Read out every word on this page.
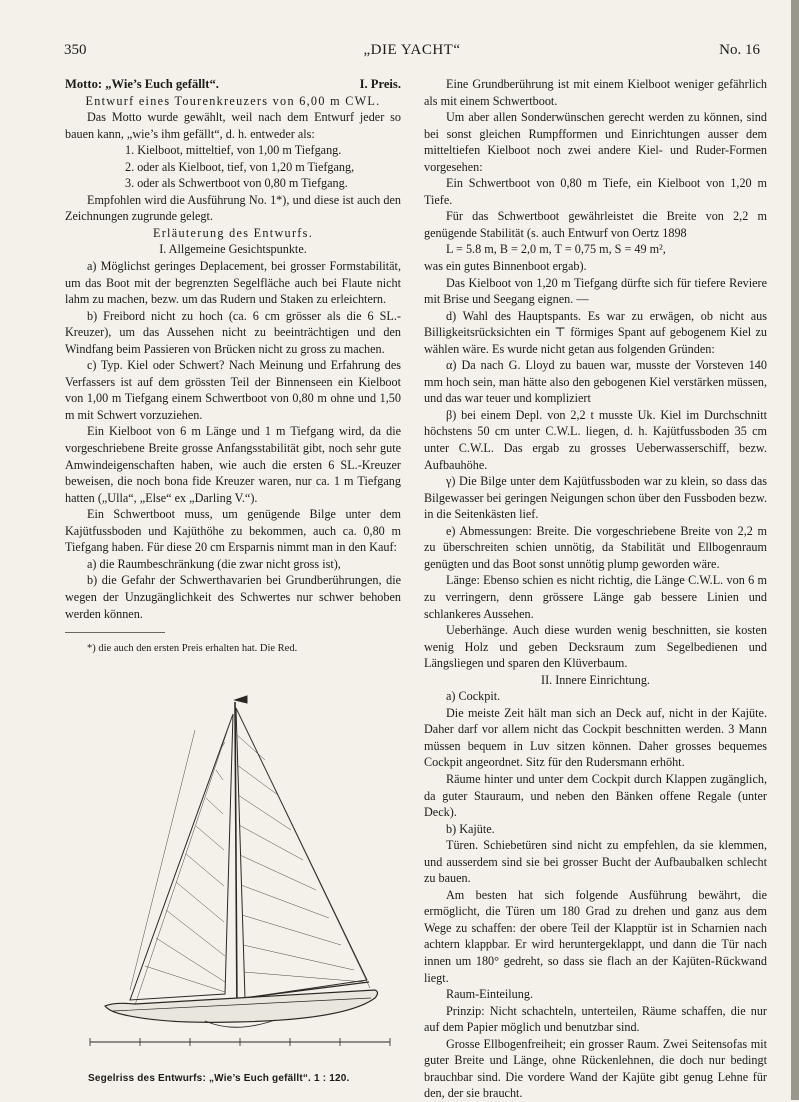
350	„DIE YACHT“	No. 16

Motto: „Wie’s Euch gefällt“.	I. Preis.

Entwurf eines Tourenkreuzers von 6,00 m CWL.

Das Motto wurde gewählt, weil nach dem Entwurf jeder so bauen kann, „wie’s ihm gefällt“, d. h. entweder als:

1. Kielboot, mitteltief, von 1,00 m Tiefgang.

2. oder als Kielboot, tief, von 1,20 m Tiefgang,

3. oder als Schwertboot von 0,80 m Tiefgang.

Empfohlen wird die Ausführung No. 1*), und diese ist auch den Zeichnungen zugrunde gelegt.

Erläuterung des Entwurfs.

I. Allgemeine Gesichtspunkte.

a) Möglichst geringes Deplacement, bei grosser Formstabilität, um das Boot mit der begrenzten Segelfläche auch bei Flaute nicht lahm zu machen, bezw. um das Rudern und Staken zu erleichtern.

b) Freibord nicht zu hoch (ca. 6 cm grösser als die 6 SL.-Kreuzer), um das Aussehen nicht zu beeinträchtigen und den Windfang beim Passieren von Brücken nicht zu gross zu machen.

c) Typ. Kiel oder Schwert? Nach Meinung und Erfahrung des Verfassers ist auf dem grössten Teil der Binnenseen ein Kielboot von 1,00 m Tiefgang einem Schwertboot von 0,80 m ohne und 1,50 m mit Schwert vorzuziehen.

Ein Kielboot von 6 m Länge und 1 m Tiefgang wird, da die vorgeschriebene Breite grosse Anfangsstabilität gibt, noch sehr gute Amwindeigenschaften haben, wie auch die ersten 6 SL.-Kreuzer beweisen, die noch bona fide Kreuzer waren, nur ca. 1 m Tiefgang hatten („Ulla“, „Else“ ex „Darling V.“).

Ein Schwertboot muss, um genügende Bilge unter dem Kajütfussboden und Kajüthöhe zu bekommen, auch ca. 0,80 m Tiefgang haben. Für diese 20 cm Ersparnis nimmt man in den Kauf:

a) die Raumbeschränkung (die zwar nicht gross ist),

b) die Gefahr der Schwerthavarien bei Grundberührungen, die wegen der Unzugänglichkeit des Schwertes nur schwer behoben werden können.

*) die auch den ersten Preis erhalten hat. Die Red.

Segelriss des Entwurfs: „Wie’s Euch gefällt“. 1 : 120.

Eine Grundberührung ist mit einem Kielboot weniger gefährlich als mit einem Schwertboot.

Um aber allen Sonderwünschen gerecht werden zu können, sind bei sonst gleichen Rumpfformen und Einrichtungen ausser dem mitteltiefen Kielboot noch zwei andere Kiel- und Ruder-Formen vorgesehen:

Ein Schwertboot von 0,80 m Tiefe, ein Kielboot von 1,20 m Tiefe.

Für das Schwertboot gewährleistet die Breite von 2,2 m genügende Stabilität (s. auch Entwurf von Oertz 1898

L = 5.8 m, B = 2,0 m, T = 0,75 m, S = 49 m²,

was ein gutes Binnenboot ergab).

Das Kielboot von 1,20 m Tiefgang dürfte sich für tiefere Reviere mit Brise und Seegang eignen. —

d) Wahl des Hauptspants. Es war zu erwägen, ob nicht aus Billigkeitsrücksichten ein ⊤ förmiges Spant auf gebogenem Kiel zu wählen wäre. Es wurde nicht getan aus folgenden Gründen:

α) Da nach G. Lloyd zu bauen war, musste der Vorsteven 140 mm hoch sein, man hätte also den gebogenen Kiel verstärken müssen, und das war teuer und kompliziert

β) bei einem Depl. von 2,2 t musste Uk. Kiel im Durchschnitt höchstens 50 cm unter C.W.L. liegen, d. h. Kajütfussboden 35 cm unter C.W.L. Das ergab zu grosses Ueberwasserschiff, bezw. Aufbauhöhe.

γ) Die Bilge unter dem Kajütfussboden war zu klein, so dass das Bilgewasser bei geringen Neigungen schon über den Fussboden bezw. in die Seitenkästen lief.

e) Abmessungen: Breite. Die vorgeschriebene Breite von 2,2 m zu überschreiten schien unnötig, da Stabilität und Ellbogenraum genügten und das Boot sonst unnötig plump geworden wäre.

Länge: Ebenso schien es nicht richtig, die Länge C.W.L. von 6 m zu verringern, denn grössere Länge gab bessere Linien und schlankeres Aussehen.

Ueberhänge. Auch diese wurden wenig beschnitten, sie kosten wenig Holz und geben Decksraum zum Segelbedienen und Längsliegen und sparen den Klüverbaum.

II. Innere Einrichtung.

a) Cockpit.

Die meiste Zeit hält man sich an Deck auf, nicht in der Kajüte. Daher darf vor allem nicht das Cockpit beschnitten werden. 3 Mann müssen bequem in Luv sitzen können. Daher grosses bequemes Cockpit angeordnet. Sitz für den Rudersmann erhöht.

Räume hinter und unter dem Cockpit durch Klappen zugänglich, da guter Stauraum, und neben den Bänken offene Regale (unter Deck).

b) Kajüte.

Türen. Schiebetüren sind nicht zu empfehlen, da sie klemmen, und ausserdem sind sie bei grosser Bucht der Aufbaubalken schlecht zu bauen.

Am besten hat sich folgende Ausführung bewährt, die ermöglicht, die Türen um 180 Grad zu drehen und ganz aus dem Wege zu schaffen: der obere Teil der Klapptür ist in Scharnien nach achtern klappbar. Er wird heruntergeklappt, und dann die Tür nach innen um 180° gedreht, so dass sie flach an der Kajüten-Rückwand liegt.

Raum-Einteilung.

Prinzip: Nicht schachteln, unterteilen, Räume schaffen, die nur auf dem Papier möglich und benutzbar sind.

Grosse Ellbogenfreiheit; ein grosser Raum. Zwei Seitensofas mit guter Breite und Länge, ohne Rückenlehnen, die doch nur bedingt brauchbar sind. Die vordere Wand der Kajüte gibt genug Lehne für den, der sie braucht.
